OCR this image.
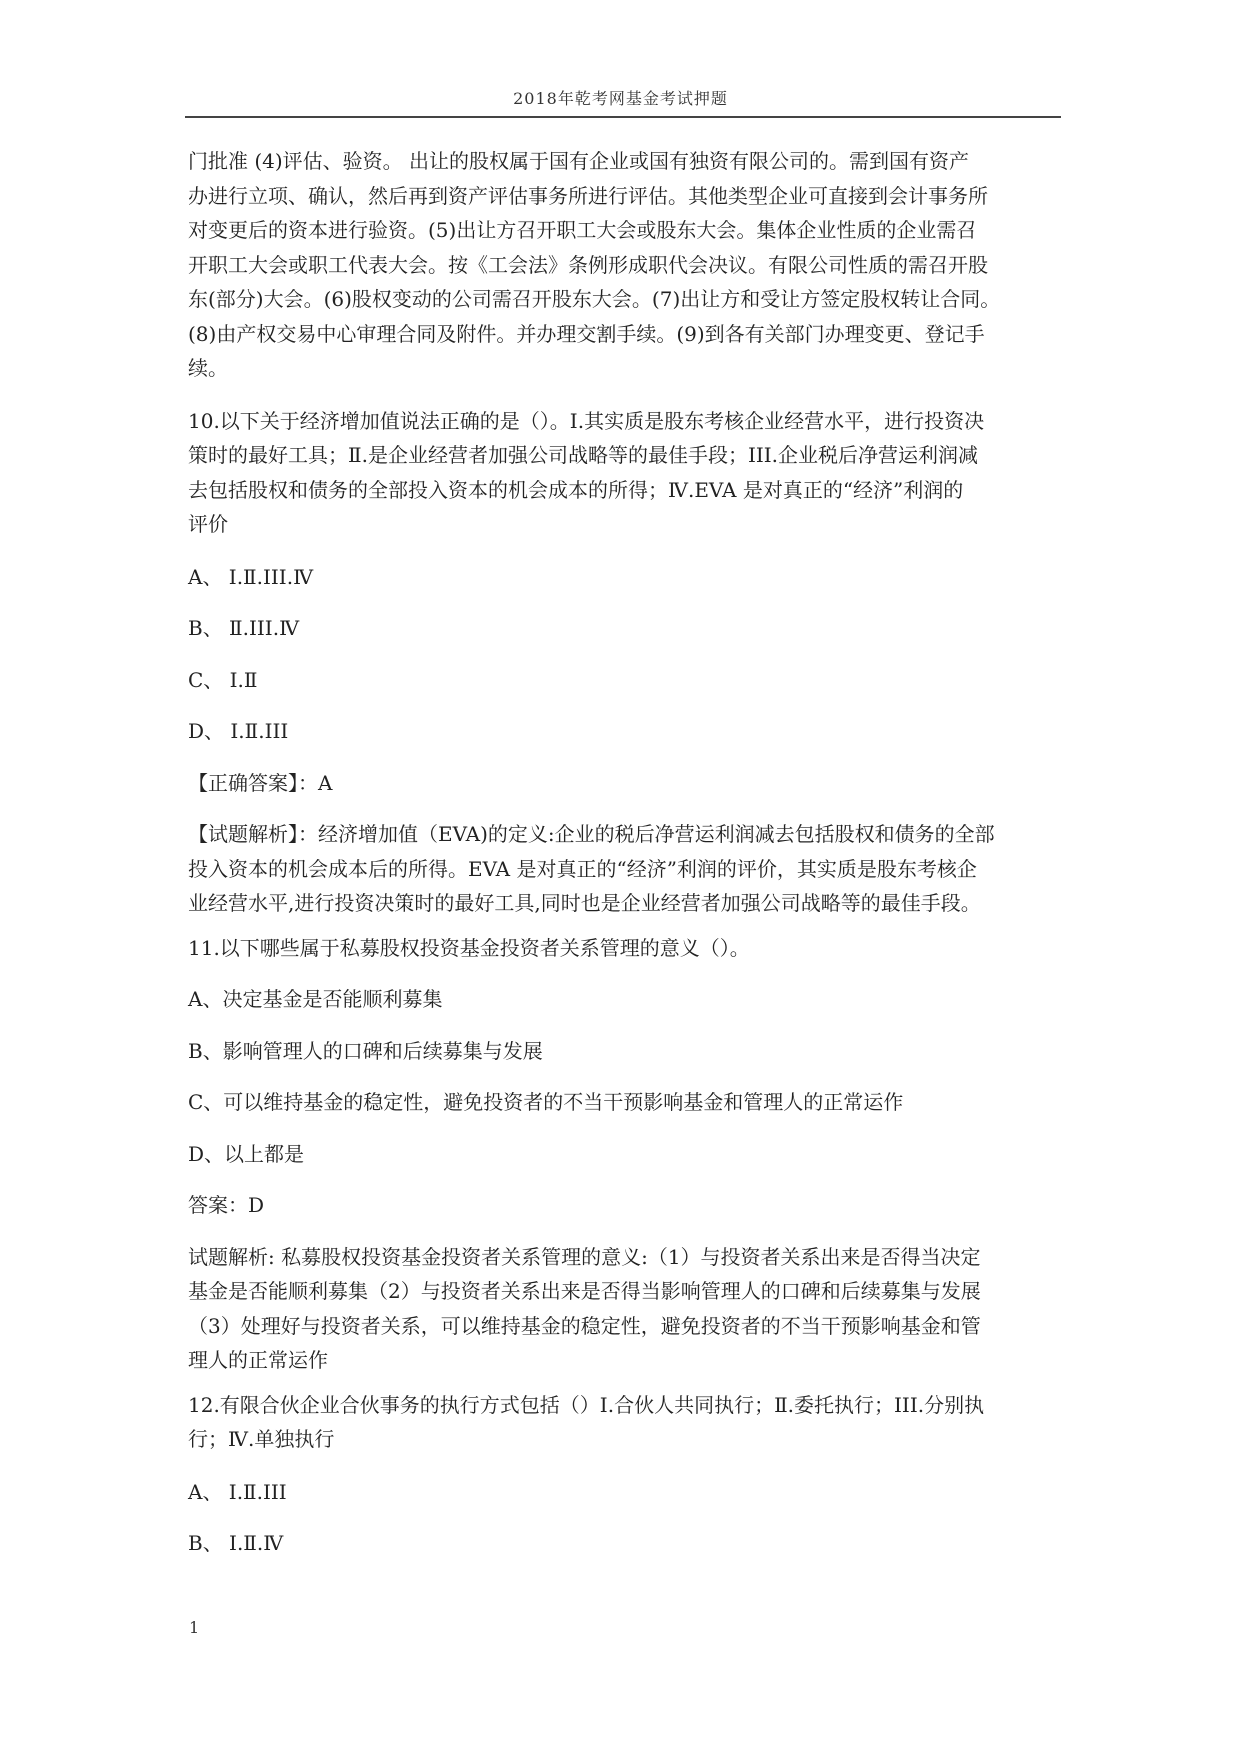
2018年乾考网基金考试押题
门批准 (4)评估、验资。 出让的股权属于国有企业或国有独资有限公司的。需到国有资产
办进行立项、确认，然后再到资产评估事务所进行评估。其他类型企业可直接到会计事务所
对变更后的资本进行验资。(5)出让方召开职工大会或股东大会。集体企业性质的企业需召
开职工大会或职工代表大会。按《工会法》条例形成职代会决议。有限公司性质的需召开股
东(部分)大会。(6)股权变动的公司需召开股东大会。(7)出让方和受让方签定股权转让合同。
(8)由产权交易中心审理合同及附件。并办理交割手续。(9)到各有关部门办理变更、登记手
续。
10.以下关于经济增加值说法正确的是（）。Ⅰ.其实质是股东考核企业经营水平，进行投资决
策时的最好工具；Ⅱ.是企业经营者加强公司战略等的最佳手段；III.企业税后净营运利润减
去包括股权和债务的全部投入资本的机会成本的所得；Ⅳ.EVA 是对真正的“经济”利润的
评价
A、 Ⅰ.Ⅱ.III.Ⅳ
B、 Ⅱ.III.Ⅳ
C、 Ⅰ.Ⅱ
D、 Ⅰ.Ⅱ.III
【正确答案】：A
【试题解析】：经济增加值（EVA)的定义:企业的税后净营运利润减去包括股权和债务的全部
投入资本的机会成本后的所得。EVA 是对真正的“经济”利润的评价，其实质是股东考核企
业经营水平,进行投资决策时的最好工具,同时也是企业经营者加强公司战略等的最佳手段。
11.以下哪些属于私募股权投资基金投资者关系管理的意义（）。
A、决定基金是否能顺利募集
B、影响管理人的口碑和后续募集与发展
C、可以维持基金的稳定性，避免投资者的不当干预影响基金和管理人的正常运作
D、以上都是
答案：D
试题解析: 私募股权投资基金投资者关系管理的意义:（1）与投资者关系出来是否得当决定
基金是否能顺利募集（2）与投资者关系出来是否得当影响管理人的口碑和后续募集与发展
（3）处理好与投资者关系，可以维持基金的稳定性，避免投资者的不当干预影响基金和管
理人的正常运作
12.有限合伙企业合伙事务的执行方式包括（）Ⅰ.合伙人共同执行；Ⅱ.委托执行；III.分别执
行；Ⅳ.单独执行
A、 Ⅰ.Ⅱ.III
B、 Ⅰ.Ⅱ.Ⅳ
1
